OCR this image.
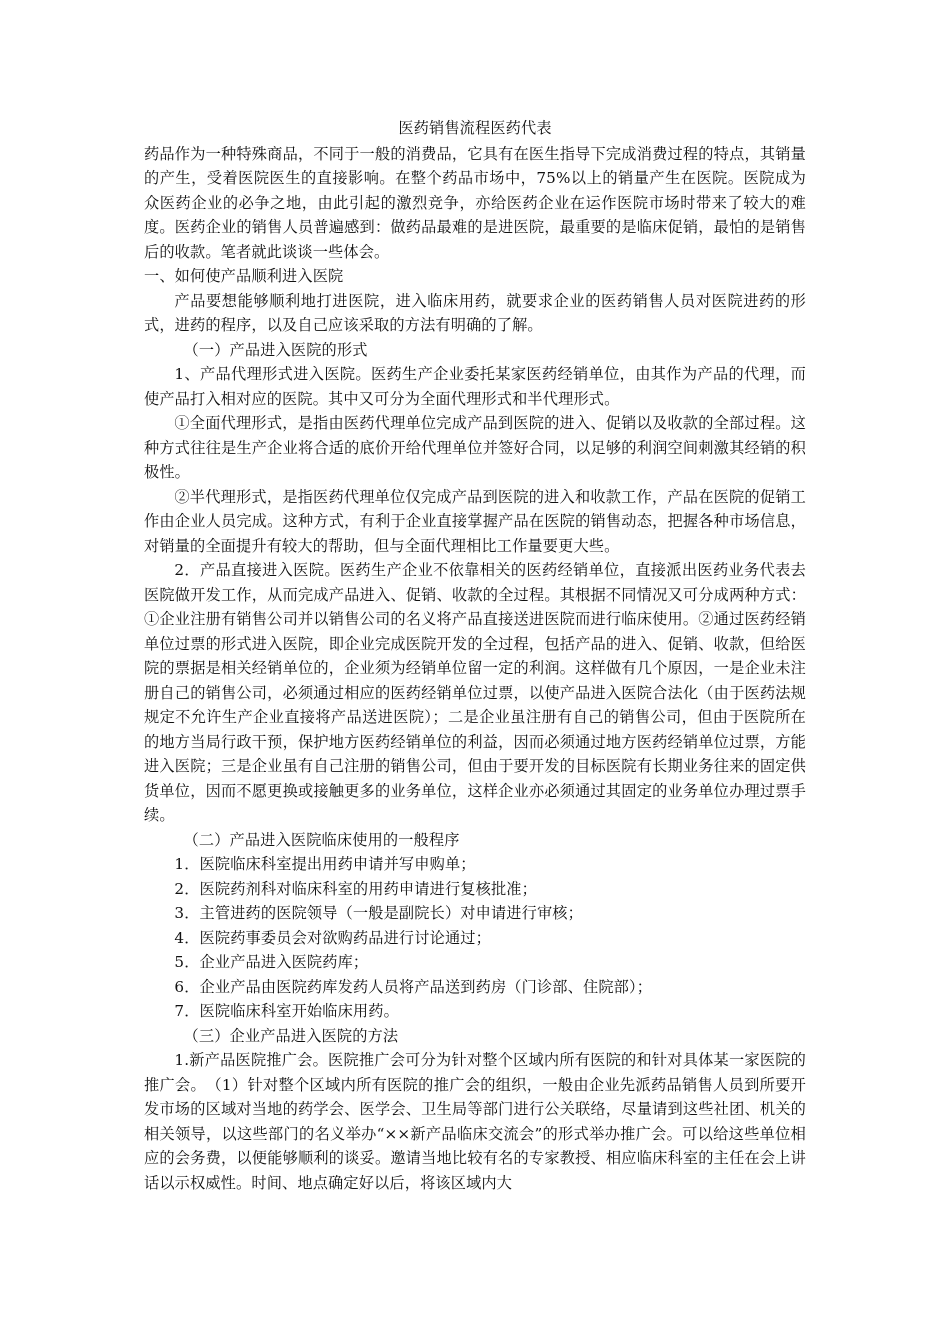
医药销售流程医药代表

药品作为一种特殊商品，不同于一般的消费品，它具有在医生指导下完成消费过程的特点，其销量的产生，受着医院医生的直接影响。在整个药品市场中，75%以上的销量产生在医院。医院成为众医药企业的必争之地，由此引起的激烈竞争，亦给医药企业在运作医院市场时带来了较大的难度。医药企业的销售人员普遍感到：做药品最难的是进医院，最重要的是临床促销，最怕的是销售后的收款。笔者就此谈谈一些体会。

一、如何使产品顺利进入医院

产品要想能够顺利地打进医院，进入临床用药，就要求企业的医药销售人员对医院进药的形式，进药的程序，以及自己应该采取的方法有明确的了解。

（一）产品进入医院的形式

1、产品代理形式进入医院。医药生产企业委托某家医药经销单位，由其作为产品的代理，而使产品打入相对应的医院。其中又可分为全面代理形式和半代理形式。

①全面代理形式，是指由医药代理单位完成产品到医院的进入、促销以及收款的全部过程。这种方式往往是生产企业将合适的底价开给代理单位并签好合同，以足够的利润空间刺激其经销的积极性。

②半代理形式，是指医药代理单位仅完成产品到医院的进入和收款工作，产品在医院的促销工作由企业人员完成。这种方式，有利于企业直接掌握产品在医院的销售动态，把握各种市场信息，对销量的全面提升有较大的帮助，但与全面代理相比工作量要更大些。

2．产品直接进入医院。医药生产企业不依靠相关的医药经销单位，直接派出医药业务代表去医院做开发工作，从而完成产品进入、促销、收款的全过程。其根据不同情况又可分成两种方式：①企业注册有销售公司并以销售公司的名义将产品直接送进医院而进行临床使用。②通过医药经销单位过票的形式进入医院，即企业完成医院开发的全过程，包括产品的进入、促销、收款，但给医院的票据是相关经销单位的，企业须为经销单位留一定的利润。这样做有几个原因，一是企业未注册自己的销售公司，必须通过相应的医药经销单位过票，以使产品进入医院合法化（由于医药法规规定不允许生产企业直接将产品送进医院）；二是企业虽注册有自己的销售公司，但由于医院所在的地方当局行政干预，保护地方医药经销单位的利益，因而必须通过地方医药经销单位过票，方能进入医院；三是企业虽有自己注册的销售公司，但由于要开发的目标医院有长期业务往来的固定供货单位，因而不愿更换或接触更多的业务单位，这样企业亦必须通过其固定的业务单位办理过票手续。

（二）产品进入医院临床使用的一般程序

1．医院临床科室提出用药申请并写申购单；

2．医院药剂科对临床科室的用药申请进行复核批准；

3．主管进药的医院领导（一般是副院长）对申请进行审核；

4．医院药事委员会对欲购药品进行讨论通过；

5．企业产品进入医院药库；

6．企业产品由医院药库发药人员将产品送到药房（门诊部、住院部）；

7．医院临床科室开始临床用药。

（三）企业产品进入医院的方法

1.新产品医院推广会。医院推广会可分为针对整个区域内所有医院的和针对具体某一家医院的推广会。　（1）针对整个区域内所有医院的推广会的组织，一般由企业先派药品销售人员到所要开发市场的区域对当地的药学会、医学会、卫生局等部门进行公关联络，尽量请到这些社团、机关的相关领导，以这些部门的名义举办“××新产品临床交流会”的形式举办推广会。可以给这些单位相应的会务费，以便能够顺利的谈妥。邀请当地比较有名的专家教授、相应临床科室的主任在会上讲话以示权威性。时间、地点确定好以后，将该区域内大
